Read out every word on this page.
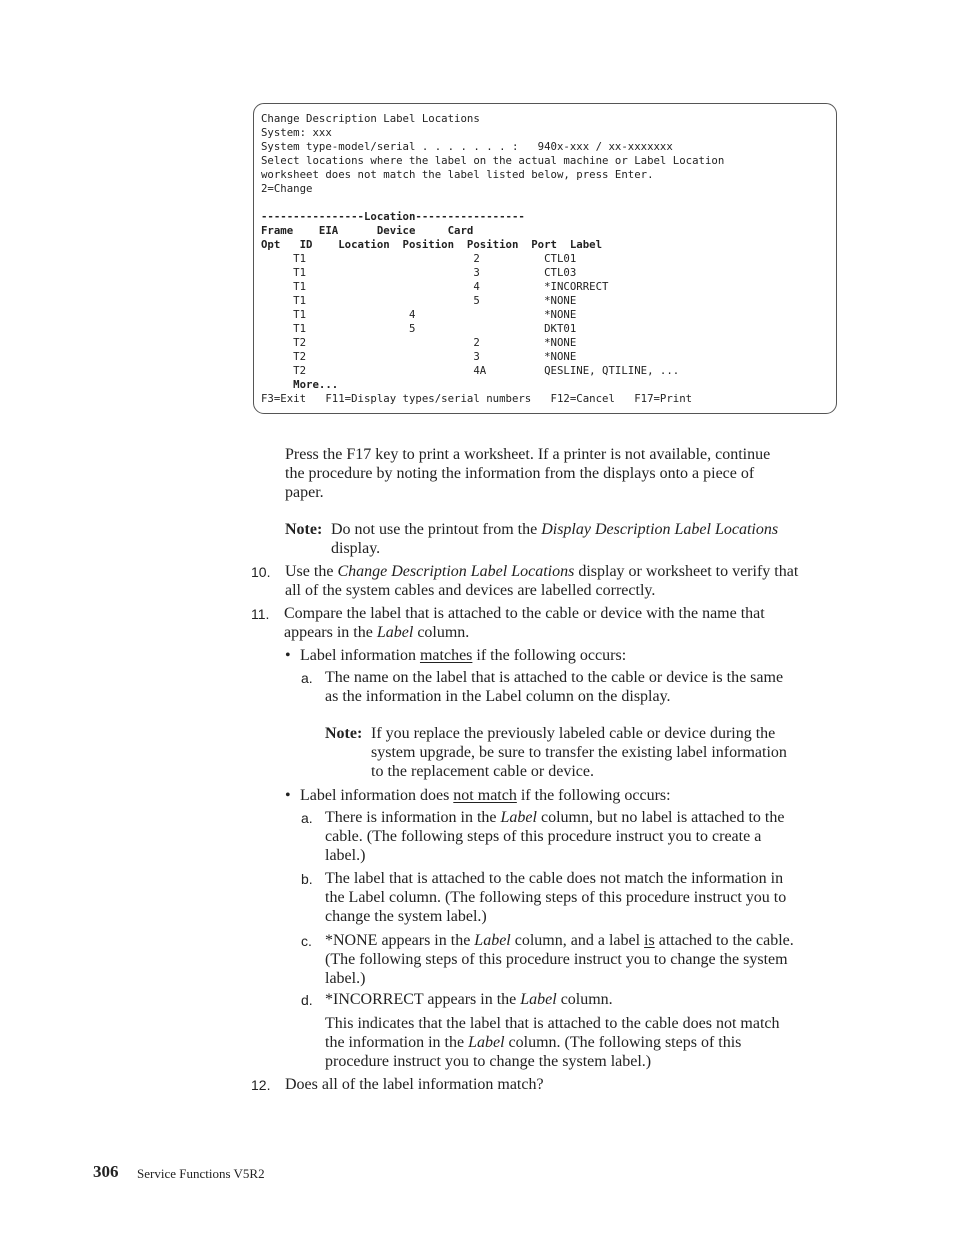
Change Description Label Locations
System: xxx
System type-model/serial . . . . . . . :   940x-xxx / xx-xxxxxxx
Select locations where the label on the actual machine or Label Location
worksheet does not match the label listed below, press Enter.
2=Change

----------------Location-----------------
Frame    EIA      Device     Card
Opt   ID    Location  Position  Position  Port  Label
T1                          2          CTL01
T1                          3          CTL03
T1                          4          *INCORRECT
T1                          5          *NONE
T1                4                    *NONE
T1                5                    DKT01
T2                          2          *NONE
T2                          3          *NONE
T2                          4A         QESLINE, QTILINE, ...
More...
F3=Exit   F11=Display types/serial numbers   F12=Cancel   F17=Print
Press the F17 key to print a worksheet. If a printer is not available, continue
the procedure by noting the information from the displays onto a piece of
paper.
Note: Do not use the printout from the Display Description Label Locations
display.
10. Use the Change Description Label Locations display or worksheet to verify that
all of the system cables and devices are labelled correctly.
11. Compare the label that is attached to the cable or device with the name that
appears in the Label column.
• Label information matches if the following occurs:
a. The name on the label that is attached to the cable or device is the same
as the information in the Label column on the display.
Note: If you replace the previously labeled cable or device during the
system upgrade, be sure to transfer the existing label information
to the replacement cable or device.
• Label information does not match if the following occurs:
a. There is information in the Label column, but no label is attached to the
cable. (The following steps of this procedure instruct you to create a
label.)
b. The label that is attached to the cable does not match the information in
the Label column. (The following steps of this procedure instruct you to
change the system label.)
c. *NONE appears in the Label column, and a label is attached to the cable.
(The following steps of this procedure instruct you to change the system
label.)
d. *INCORRECT appears in the Label column.
This indicates that the label that is attached to the cable does not match
the information in the Label column. (The following steps of this
procedure instruct you to change the system label.)
12. Does all of the label information match?
306 Service Functions V5R2
